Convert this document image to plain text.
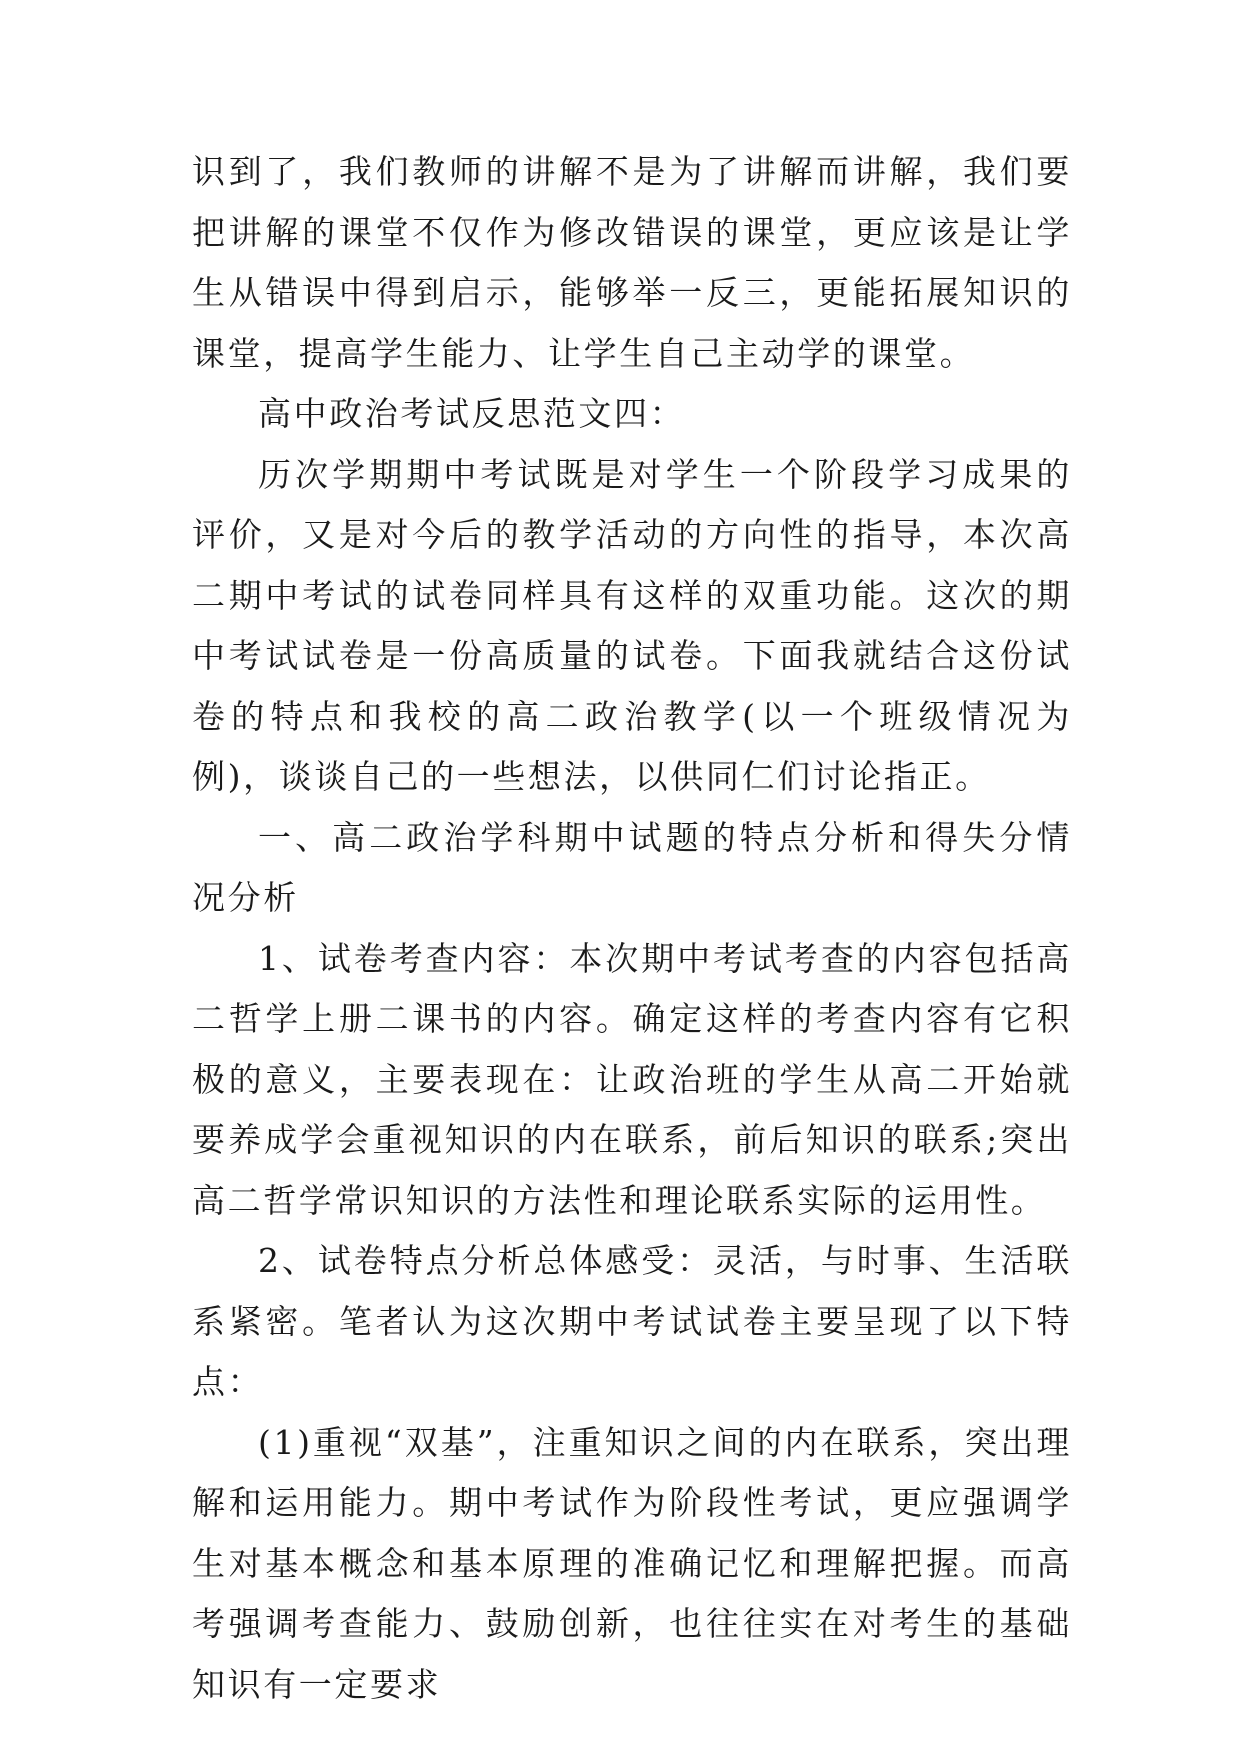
识到了，我们教师的讲解不是为了讲解而讲解，我们要把讲解的课堂不仅作为修改错误的课堂，更应该是让学生从错误中得到启示，能够举一反三，更能拓展知识的课堂，提高学生能力、让学生自己主动学的课堂。

高中政治考试反思范文四：

历次学期期中考试既是对学生一个阶段学习成果的评价，又是对今后的教学活动的方向性的指导，本次高二期中考试的试卷同样具有这样的双重功能。这次的期中考试试卷是一份高质量的试卷。下面我就结合这份试卷的特点和我校的高二政治教学(以一个班级情况为例)，谈谈自己的一些想法，以供同仁们讨论指正。

一、高二政治学科期中试题的特点分析和得失分情况分析

1、试卷考查内容：本次期中考试考查的内容包括高二哲学上册二课书的内容。确定这样的考查内容有它积极的意义，主要表现在：让政治班的学生从高二开始就要养成学会重视知识的内在联系，前后知识的联系;突出高二哲学常识知识的方法性和理论联系实际的运用性。

2、试卷特点分析总体感受：灵活，与时事、生活联系紧密。笔者认为这次期中考试试卷主要呈现了以下特点：

(1)重视“双基”，注重知识之间的内在联系，突出理解和运用能力。期中考试作为阶段性考试，更应强调学生对基本概念和基本原理的准确记忆和理解把握。而高考强调考查能力、鼓励创新，也往往实在对考生的基础知识有一定要求
